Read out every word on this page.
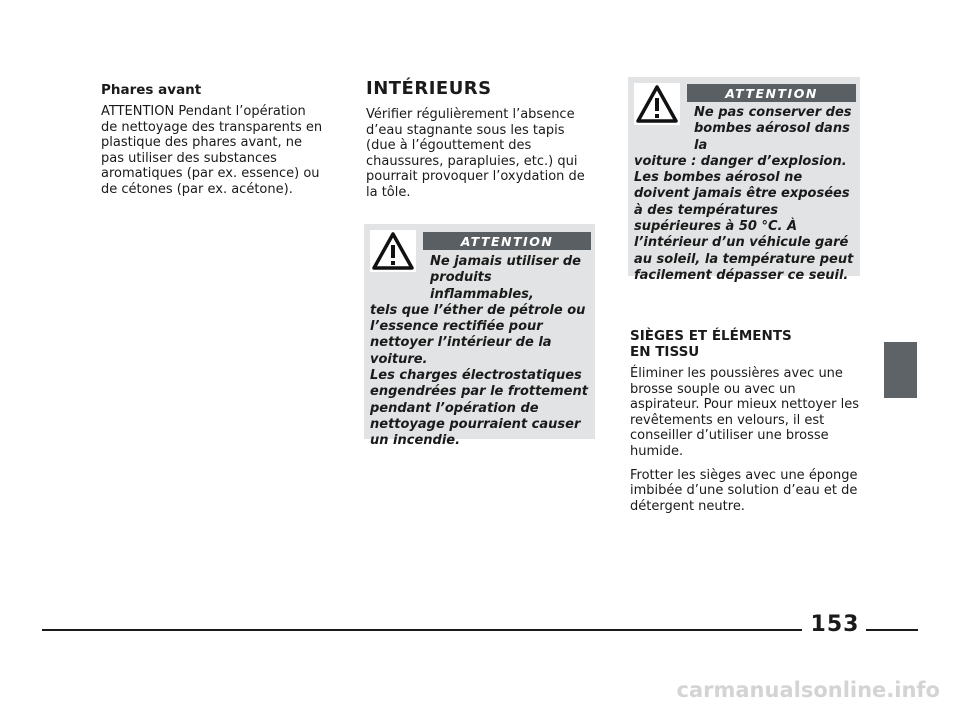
Phares avant

ATTENTION Pendant l’opération de nettoyage des transparents en plastique des phares avant, ne pas utiliser des substances aromatiques (par ex. essence) ou de cétones (par ex. acétone).

INTÉRIEURS

Vérifier régulièrement l’absence d’eau stagnante sous les tapis (due à l’égouttement des chaussures, parapluies, etc.) qui pourrait provoquer l’oxydation de la tôle.

ATTENTION

Ne jamais utiliser de produits inflammables,
tels que l’éther de pétrole ou l’essence rectifiée pour nettoyer l’intérieur de la voiture.
Les charges électrostatiques engendrées par le frottement pendant l’opération de nettoyage pourraient causer un incendie.

ATTENTION

Ne pas conserver des bombes aérosol dans la
voiture : danger d’explosion. Les bombes aérosol ne doivent jamais être exposées à des températures supérieures à 50 °C. À l’intérieur d’un véhicule garé au soleil, la température peut facilement dépasser ce seuil.

SIÈGES ET ÉLÉMENTS
EN TISSU

Éliminer les poussières avec une brosse souple ou avec un aspirateur. Pour mieux nettoyer les revêtements en velours, il est conseiller d’utiliser une brosse humide.

Frotter les sièges avec une éponge imbibée d’une solution d’eau et de détergent neutre.

153
carmanualsonline.info
